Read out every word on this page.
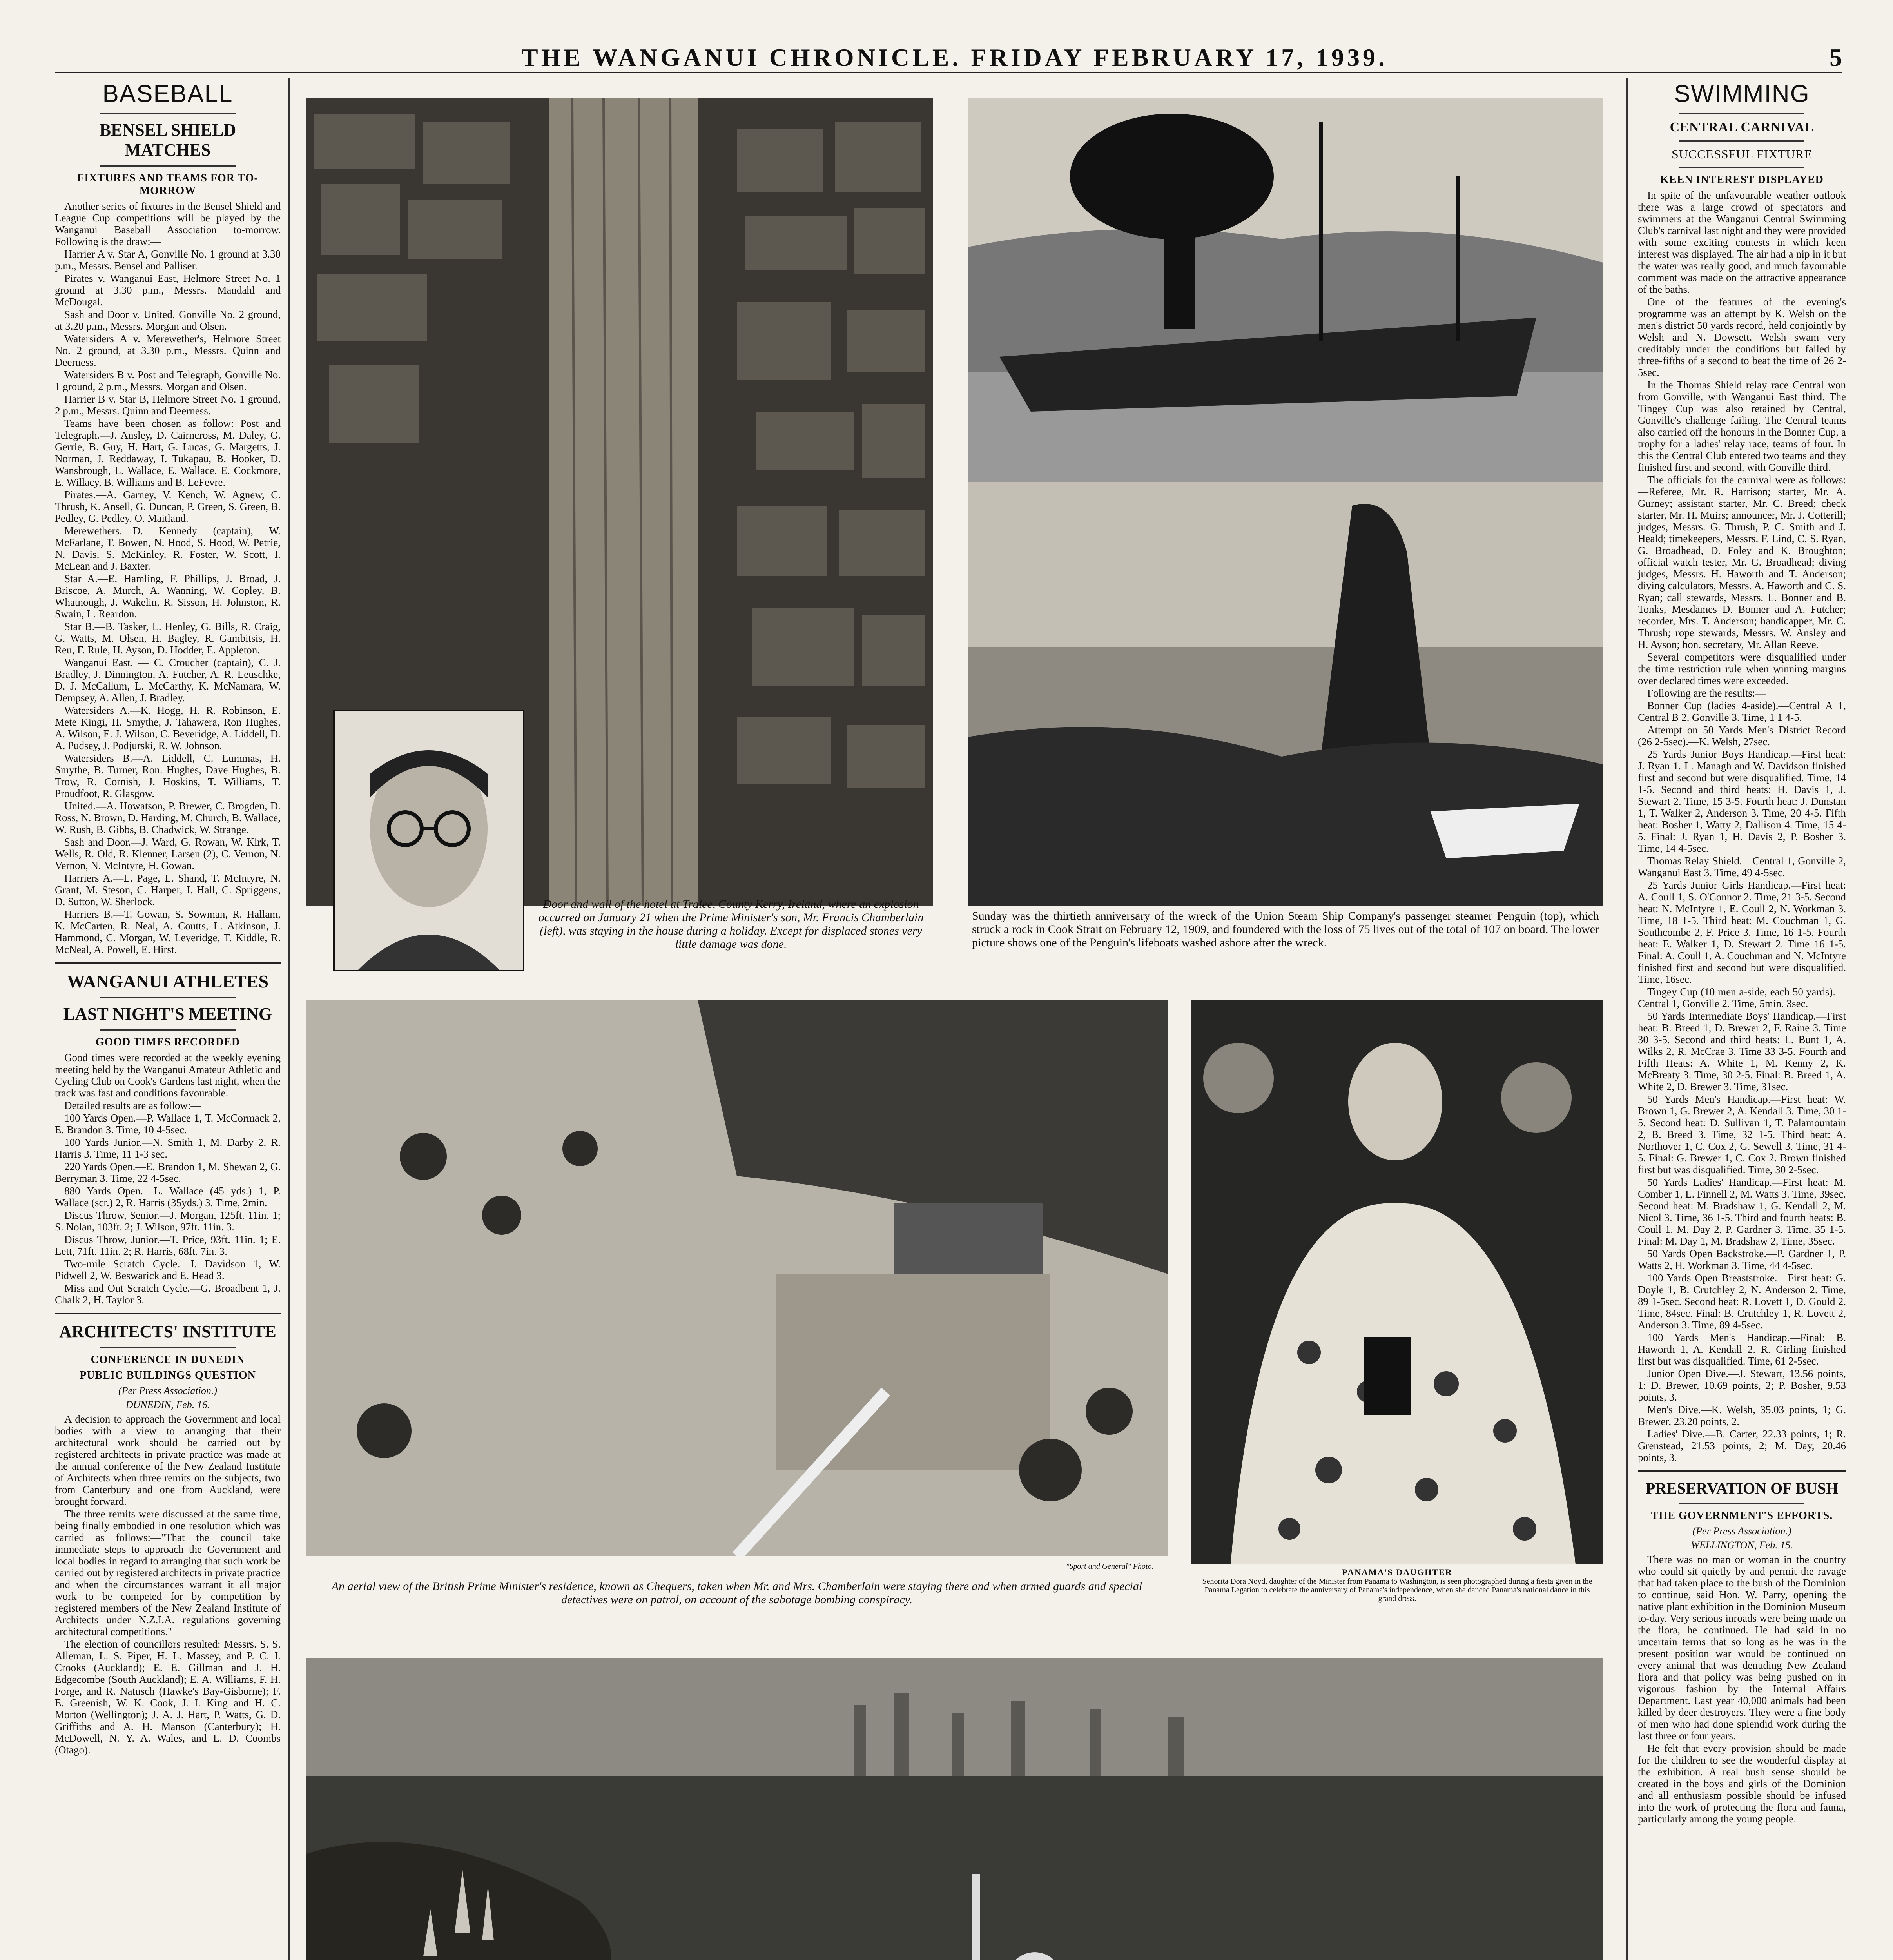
THE WANGANUI CHRONICLE. FRIDAY FEBRUARY 17, 1939.	5
BASEBALL
BENSEL SHIELD MATCHES
FIXTURES AND TEAMS FOR TO-MORROW

Another series of fixtures in the Bensel Shield and League Cup competitions will be played by the Wanganui Baseball Association to-morrow. Following is the draw:—

Harrier A v. Star A, Gonville No. 1 ground at 3.30 p.m., Messrs. Bensel and Palliser.

Pirates v. Wanganui East, Helmore Street No. 1 ground at 3.30 p.m., Messrs. Mandahl and McDougal.

Sash and Door v. United, Gonville No. 2 ground, at 3.20 p.m., Messrs. Morgan and Olsen.

Watersiders A v. Merewether's, Helmore Street No. 2 ground, at 3.30 p.m., Messrs. Quinn and Deerness.

Watersiders B v. Post and Telegraph, Gonville No. 1 ground, 2 p.m., Messrs. Morgan and Olsen.

Harrier B v. Star B, Helmore Street No. 1 ground, 2 p.m., Messrs. Quinn and Deerness.

Teams have been chosen as follow: Post and Telegraph.—J. Ansley, D. Cairncross, M. Daley, G. Gerrie, B. Guy, H. Hart, G. Lucas, G. Margetts, J. Norman, J. Reddaway, I. Tukapau, B. Hooker, D. Wansbrough, L. Wallace, E. Wallace, E. Cockmore, E. Willacy, B. Williams and B. LeFevre.

Pirates.—A. Garney, V. Kench, W. Agnew, C. Thrush, K. Ansell, G. Duncan, P. Green, S. Green, B. Pedley, G. Pedley, O. Maitland.

Merewethers.—D. Kennedy (captain), W. McFarlane, T. Bowen, N. Hood, S. Hood, W. Petrie, N. Davis, S. McKinley, R. Foster, W. Scott, I. McLean and J. Baxter.

Star A.—E. Hamling, F. Phillips, J. Broad, J. Briscoe, A. Murch, A. Wanning, W. Copley, B. Whatnough, J. Wakelin, R. Sisson, H. Johnston, R. Swain, L. Reardon.

Star B.—B. Tasker, L. Henley, G. Bills, R. Craig, G. Watts, M. Olsen, H. Bagley, R. Gambitsis, H. Reu, F. Rule, H. Ayson, D. Hodder, E. Appleton.

Wanganui East. — C. Croucher (captain), C. J. Bradley, J. Dinnington, A. Futcher, A. R. Leuschke, D. J. McCallum, L. McCarthy, K. McNamara, W. Dempsey, A. Allen, J. Bradley.

Watersiders A.—K. Hogg, H. R. Robinson, E. Mete Kingi, H. Smythe, J. Tahawera, Ron Hughes, A. Wilson, E. J. Wilson, C. Beveridge, A. Liddell, D. A. Pudsey, J. Podjurski, R. W. Johnson.

Watersiders B.—A. Liddell, C. Lummas, H. Smythe, B. Turner, Ron. Hughes, Dave Hughes, B. Trow, R. Cornish, J. Hoskins, T. Williams, T. Proudfoot, R. Glasgow.

United.—A. Howatson, P. Brewer, C. Brogden, D. Ross, N. Brown, D. Harding, M. Church, B. Wallace, W. Rush, B. Gibbs, B. Chadwick, W. Strange.

Sash and Door.—J. Ward, G. Rowan, W. Kirk, T. Wells, R. Old, R. Klenner, Larsen (2), C. Vernon, N. Vernon, N. McIntyre, H. Gowan.

Harriers A.—L. Page, L. Shand, T. McIntyre, N. Grant, M. Steson, C. Harper, I. Hall, C. Spriggens, D. Sutton, W. Sherlock.

Harriers B.—T. Gowan, S. Sowman, R. Hallam, K. McCarten, R. Neal, A. Coutts, L. Atkinson, J. Hammond, C. Morgan, W. Leveridge, T. Kiddle, R. McNeal, A. Powell, E. Hirst.

WANGANUI ATHLETES
LAST NIGHT'S MEETING
GOOD TIMES RECORDED

Good times were recorded at the weekly evening meeting held by the Wanganui Amateur Athletic and Cycling Club on Cook's Gardens last night, when the track was fast and conditions favourable.

Detailed results are as follow:—

100 Yards Open.—P. Wallace 1, T. McCormack 2, E. Brandon 3. Time, 10 4-5sec.

100 Yards Junior.—N. Smith 1, M. Darby 2, R. Harris 3. Time, 11 1-3 sec.

220 Yards Open.—E. Brandon 1, M. Shewan 2, G. Berryman 3. Time, 22 4-5sec.

880 Yards Open.—L. Wallace (45 yds.) 1, P. Wallace (scr.) 2, R. Harris (35yds.) 3. Time, 2min.

Discus Throw, Senior.—J. Morgan, 125ft. 11in. 1; S. Nolan, 103ft. 2; J. Wilson, 97ft. 11in. 3.

Discus Throw, Junior.—T. Price, 93ft. 11in. 1; E. Lett, 71ft. 11in. 2; R. Harris, 68ft. 7in. 3.

Two-mile Scratch Cycle.—I. Davidson 1, W. Pidwell 2, W. Beswarick and E. Head 3.

Miss and Out Scratch Cycle.—G. Broadbent 1, J. Chalk 2, H. Taylor 3.

ARCHITECTS' INSTITUTE
CONFERENCE IN DUNEDIN
PUBLIC BUILDINGS QUESTION
(Per Press Association.)
DUNEDIN, Feb. 16.

A decision to approach the Government and local bodies with a view to arranging that their architectural work should be carried out by registered architects in private practice was made at the annual conference of the New Zealand Institute of Architects when three remits on the subjects, two from Canterbury and one from Auckland, were brought forward.

The three remits were discussed at the same time, being finally embodied in one resolution which was carried as follows:—"That the council take immediate steps to approach the Government and local bodies in regard to arranging that such work be carried out by registered architects in private practice and when the circumstances warrant it all major work to be competed for by competition by registered members of the New Zealand Institute of Architects under N.Z.I.A. regulations governing architectural competitions."

The election of councillors resulted: Messrs. S. S. Alleman, L. S. Piper, H. L. Massey, and P. C. I. Crooks (Auckland); E. E. Gillman and J. H. Edgecombe (South Auckland); E. A. Williams, F. H. Forge, and R. Natusch (Hawke's Bay-Gisborne); F. E. Greenish, W. K. Cook, J. I. King and H. C. Morton (Wellington); J. A. J. Hart, P. Watts, G. D. Griffiths and A. H. Manson (Canterbury); H. McDowell, N. Y. A. Wales, and L. D. Coombs (Otago).

Door and wall of the hotel at Tralee, County Kerry, Ireland, where an explosion occurred on January 21 when the Prime Minister's son, Mr. Francis Chamberlain (left), was staying in the house during a holiday. Except for displaced stones very little damage was done.
Sunday was the thirtieth anniversary of the wreck of the Union Steam Ship Company's passenger steamer Penguin (top), which struck a rock in Cook Strait on February 12, 1909, and foundered with the loss of 75 lives out of the total of 107 on board. The lower picture shows one of the Penguin's lifeboats washed ashore after the wreck.
"Sport and General" Photo.
An aerial view of the British Prime Minister's residence, known as Chequers, taken when Mr. and Mrs. Chamberlain were staying there and when armed guards and special detectives were on patrol, on account of the sabotage bombing conspiracy.
PANAMA'S DAUGHTER
Senorita Dora Noyd, daughter of the Minister from Panama to Washington, is seen photographed during a fiesta given in the Panama Legation to celebrate the anniversary of Panama's independence, when she danced Panama's national dance in this grand dress.
SWIMMING
CENTRAL CARNIVAL
SUCCESSFUL FIXTURE
KEEN INTEREST DISPLAYED

In spite of the unfavourable weather outlook there was a large crowd of spectators and swimmers at the Wanganui Central Swimming Club's carnival last night and they were provided with some exciting contests in which keen interest was displayed. The air had a nip in it but the water was really good, and much favourable comment was made on the attractive appearance of the baths.

One of the features of the evening's programme was an attempt by K. Welsh on the men's district 50 yards record, held conjointly by Welsh and N. Dowsett. Welsh swam very creditably under the conditions but failed by three-fifths of a second to beat the time of 26 2-5sec.

In the Thomas Shield relay race Central won from Gonville, with Wanganui East third. The Tingey Cup was also retained by Central, Gonville's challenge failing. The Central teams also carried off the honours in the Bonner Cup, a trophy for a ladies' relay race, teams of four. In this the Central Club entered two teams and they finished first and second, with Gonville third.

The officials for the carnival were as follows:—Referee, Mr. R. Harrison; starter, Mr. A. Gurney; assistant starter, Mr. C. Breed; check starter, Mr. H. Muirs; announcer, Mr. J. Cotterill; judges, Messrs. G. Thrush, P. C. Smith and J. Heald; timekeepers, Messrs. F. Lind, C. S. Ryan, G. Broadhead, D. Foley and K. Broughton; official watch tester, Mr. G. Broadhead; diving judges, Messrs. H. Haworth and T. Anderson; diving calculators, Messrs. A. Haworth and C. S. Ryan; call stewards, Messrs. L. Bonner and B. Tonks, Mesdames D. Bonner and A. Futcher; recorder, Mrs. T. Anderson; handicapper, Mr. C. Thrush; rope stewards, Messrs. W. Ansley and H. Ayson; hon. secretary, Mr. Allan Reeve.

Several competitors were disqualified under the time restriction rule when winning margins over declared times were exceeded.

Following are the results:—

Bonner Cup (ladies 4-aside).—Central A 1, Central B 2, Gonville 3. Time, 1 1 4-5.

Attempt on 50 Yards Men's District Record (26 2-5sec).—K. Welsh, 27sec.

25 Yards Junior Boys Handicap.—First heat: J. Ryan 1. L. Managh and W. Davidson finished first and second but were disqualified. Time, 14 1-5. Second and third heats: H. Davis 1, J. Stewart 2. Time, 15 3-5. Fourth heat: J. Dunstan 1, T. Walker 2, Anderson 3. Time, 20 4-5. Fifth heat: Bosher 1, Watty 2, Dallison 4. Time, 15 4-5. Final: J. Ryan 1, H. Davis 2, P. Bosher 3. Time, 14 4-5sec.

Thomas Relay Shield.—Central 1, Gonville 2, Wanganui East 3. Time, 49 4-5sec.

25 Yards Junior Girls Handicap.—First heat: A. Coull 1, S. O'Connor 2. Time, 21 3-5. Second heat: N. McIntyre 1, E. Coull 2, N. Workman 3. Time, 18 1-5. Third heat: M. Couchman 1, G. Southcombe 2, F. Price 3. Time, 16 1-5. Fourth heat: E. Walker 1, D. Stewart 2. Time 16 1-5. Final: A. Coull 1, A. Couchman and N. McIntyre finished first and second but were disqualified. Time, 16sec.

Tingey Cup (10 men a-side, each 50 yards).—Central 1, Gonville 2. Time, 5min. 3sec.

50 Yards Intermediate Boys' Handicap.—First heat: B. Breed 1, D. Brewer 2, F. Raine 3. Time 30 3-5. Second and third heats: L. Bunt 1, A. Wilks 2, R. McCrae 3. Time 33 3-5. Fourth and Fifth Heats: A. White 1, M. Kenny 2, K. McBreaty 3. Time, 30 2-5. Final: B. Breed 1, A. White 2, D. Brewer 3. Time, 31sec.

50 Yards Men's Handicap.—First heat: W. Brown 1, G. Brewer 2, A. Kendall 3. Time, 30 1-5. Second heat: D. Sullivan 1, T. Palamountain 2, B. Breed 3. Time, 32 1-5. Third heat: A. Northover 1, C. Cox 2, G. Sewell 3. Time, 31 4-5. Final: G. Brewer 1, C. Cox 2. Brown finished first but was disqualified. Time, 30 2-5sec.

50 Yards Ladies' Handicap.—First heat: M. Comber 1, L. Finnell 2, M. Watts 3. Time, 39sec. Second heat: M. Bradshaw 1, G. Kendall 2, M. Nicol 3. Time, 36 1-5. Third and fourth heats: B. Coull 1, M. Day 2, P. Gardner 3. Time, 35 1-5. Final: M. Day 1, M. Bradshaw 2, Time, 35sec.

50 Yards Open Backstroke.—P. Gardner 1, P. Watts 2, H. Workman 3. Time, 44 4-5sec.

100 Yards Open Breaststroke.—First heat: G. Doyle 1, B. Crutchley 2, N. Anderson 2. Time, 89 1-5sec. Second heat: R. Lovett 1, D. Gould 2. Time, 84sec. Final: B. Crutchley 1, R. Lovett 2, Anderson 3. Time, 89 4-5sec.

100 Yards Men's Handicap.—Final: B. Haworth 1, A. Kendall 2. R. Girling finished first but was disqualified. Time, 61 2-5sec.

Junior Open Dive.—J. Stewart, 13.56 points, 1; D. Brewer, 10.69 points, 2; P. Bosher, 9.53 points, 3.

Men's Dive.—K. Welsh, 35.03 points, 1; G. Brewer, 23.20 points, 2.

Ladies' Dive.—B. Carter, 22.33 points, 1; R. Grenstead, 21.53 points, 2; M. Day, 20.46 points, 3.

PRESERVATION OF BUSH
THE GOVERNMENT'S EFFORTS.
(Per Press Association.)
WELLINGTON, Feb. 15.

There was no man or woman in the country who could sit quietly by and permit the ravage that had taken place to the bush of the Dominion to continue, said Hon. W. Parry, opening the native plant exhibition in the Dominion Museum to-day. Very serious inroads were being made on the flora, he continued. He had said in no uncertain terms that so long as he was in the present position war would be continued on every animal that was denuding New Zealand flora and that policy was being pushed on in vigorous fashion by the Internal Affairs Department. Last year 40,000 animals had been killed by deer destroyers. They were a fine body of men who had done splendid work during the last three or four years.

He felt that every provision should be made for the children to see the wonderful display at the exhibition. A real bush sense should be created in the boys and girls of the Dominion and all enthusiasm possible should be infused into the work of protecting the flora and fauna, particularly among the young people.
